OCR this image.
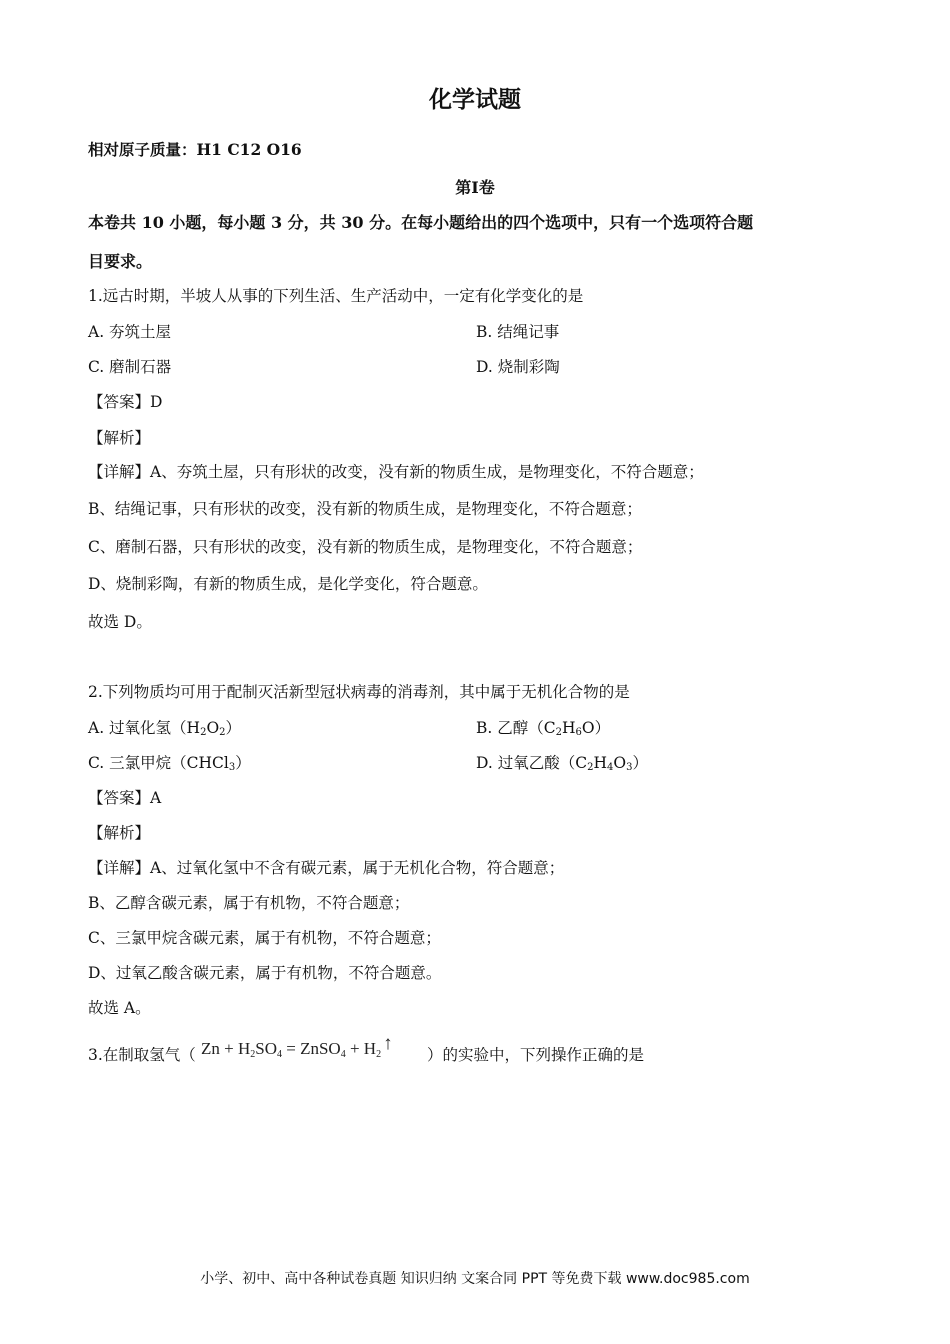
化学试题
相对原子质量：H1 C12 O16
第Ⅰ卷
本卷共 10 小题，每小题 3 分，共 30 分。在每小题给出的四个选项中，只有一个选项符合题
目要求。
1.远古时期，半坡人从事的下列生活、生产活动中，一定有化学变化的是
A. 夯筑土屋	B. 结绳记事
C. 磨制石器	D. 烧制彩陶
【答案】D
【解析】
【详解】A、夯筑土屋，只有形状的改变，没有新的物质生成，是物理变化，不符合题意；
B、结绳记事，只有形状的改变，没有新的物质生成，是物理变化，不符合题意；
C、磨制石器，只有形状的改变，没有新的物质生成，是物理变化，不符合题意；
D、烧制彩陶，有新的物质生成，是化学变化，符合题意。
故选 D。
2.下列物质均可用于配制灭活新型冠状病毒的消毒剂，其中属于无机化合物的是
A. 过氧化氢$(H_2O_2)$	B. 乙醇$(C_2H_6O)$
C. 三氯甲烷（CHCl$_3$）	D. 过氧乙酸$(C_2H_4O_3)$
【答案】A
【解析】
【详解】A、过氧化氢中不含有碳元素，属于无机化合物，符合题意；
B、乙醇含碳元素，属于有机物，不符合题意；
C、三氯甲烷含碳元素，属于有机物，不符合题意；
D、过氧乙酸含碳元素，属于有机物，不符合题意。
故选 A。
3.在制取氢气（ $Zn + H_2SO_4$ = ZnSO$_4$ + $H_2↑$
）的实验中，下列操作正确的是
小学、初中、高中各种试卷真题 知识归纳 文案合同 PPT 等免费下载 www.doc985.com
